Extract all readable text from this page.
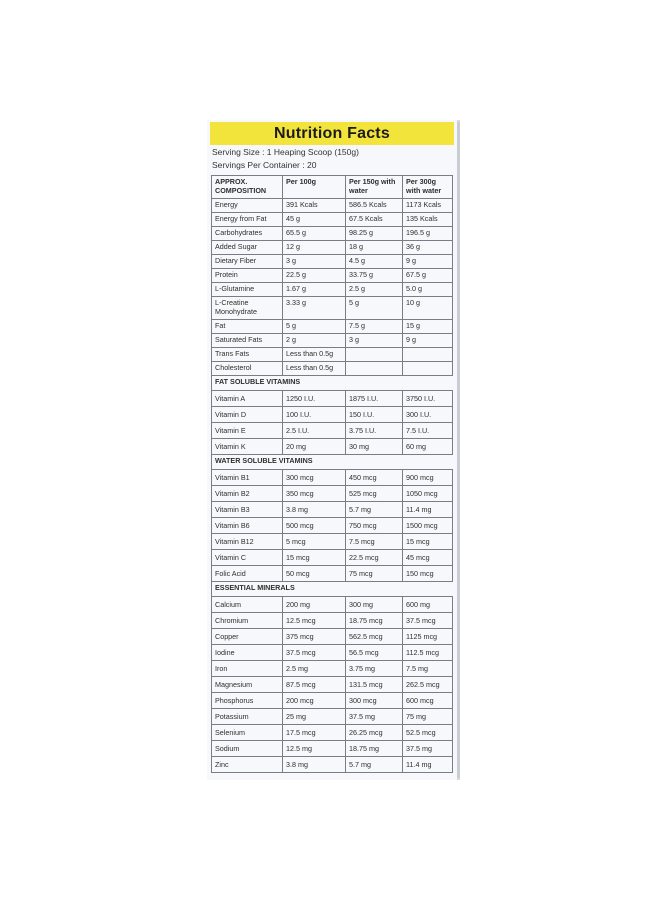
Nutrition Facts
Serving Size : 1 Heaping Scoop (150g)
Servings Per Container : 20
APPROX. COMPOSITION	Per 100g	Per 150g with water	Per 300g with water
Energy	391 Kcals	586.5 Kcals	1173 Kcals
Energy from Fat	45 g	67.5 Kcals	135 Kcals
Carbohydrates	65.5 g	98.25 g	196.5 g
Added Sugar	12 g	18 g	36 g
Dietary Fiber	3 g	4.5 g	9 g
Protein	22.5 g	33.75 g	67.5 g
L-Glutamine	1.67 g	2.5 g	5.0 g
L-Creatine Monohydrate	3.33 g	5 g	10 g
Fat	5 g	7.5 g	15 g
Saturated Fats	2 g	3 g	9 g
Trans Fats	Less than 0.5g		
Cholesterol	Less than 0.5g		
FAT SOLUBLE VITAMINS			
Vitamin A	1250 I.U.	1875 I.U.	3750 I.U.
Vitamin D	100 I.U.	150 I.U.	300 I.U.
Vitamin E	2.5 I.U.	3.75 I.U.	7.5 I.U.
Vitamin K	20 mg	30 mg	60 mg
WATER SOLUBLE VITAMINS			
Vitamin B1	300 mcg	450 mcg	900 mcg
Vitamin B2	350 mcg	525 mcg	1050 mcg
Vitamin B3	3.8 mg	5.7 mg	11.4 mg
Vitamin B6	500 mcg	750 mcg	1500 mcg
Vitamin B12	5 mcg	7.5 mcg	15 mcg
Vitamin C	15 mcg	22.5 mcg	45 mcg
Folic Acid	50 mcg	75 mcg	150 mcg
ESSENTIAL MINERALS			
Calcium	200 mg	300 mg	600 mg
Chromium	12.5 mcg	18.75 mcg	37.5 mcg
Copper	375 mcg	562.5 mcg	1125 mcg
Iodine	37.5 mcg	56.5 mcg	112.5 mcg
Iron	2.5 mg	3.75 mg	7.5 mg
Magnesium	87.5 mcg	131.5 mcg	262.5 mcg
Phosphorus	200 mcg	300 mcg	600 mcg
Potassium	25 mg	37.5 mg	75 mg
Selenium	17.5 mcg	26.25 mcg	52.5 mcg
Sodium	12.5 mg	18.75 mg	37.5 mg
Zinc	3.8 mg	5.7 mg	11.4 mg
